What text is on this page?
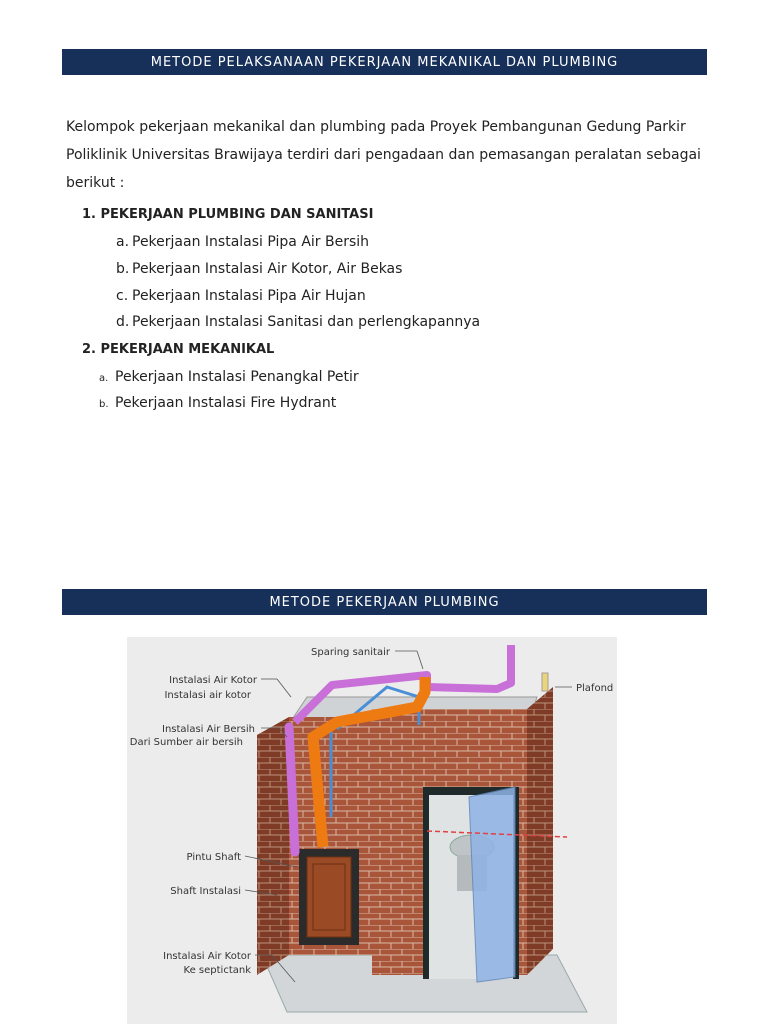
METODE PELAKSANAAN PEKERJAAN MEKANIKAL DAN PLUMBING

Kelompok pekerjaan mekanikal dan plumbing pada Proyek Pembangunan Gedung Parkir Poliklinik Universitas Brawijaya terdiri dari pengadaan dan pemasangan peralatan sebagai berikut :

1. PEKERJAAN PLUMBING DAN SANITASI
a. Pekerjaan Instalasi Pipa Air Bersih
b. Pekerjaan Instalasi Air Kotor, Air Bekas
c. Pekerjaan Instalasi Pipa Air Hujan
d. Pekerjaan Instalasi Sanitasi dan perlengkapannya
2. PEKERJAAN MEKANIKAL
a. Pekerjaan Instalasi Penangkal Petir
b. Pekerjaan Instalasi Fire Hydrant
METODE PEKERJAAN PLUMBING
Sparing sanitair
Plafond
Instalasi Air Kotor
Instalasi air kotor
Instalasi Air Bersih
Dari Sumber air bersih
Pintu Shaft
Shaft Instalasi
Instalasi Air Kotor
Ke septictank
